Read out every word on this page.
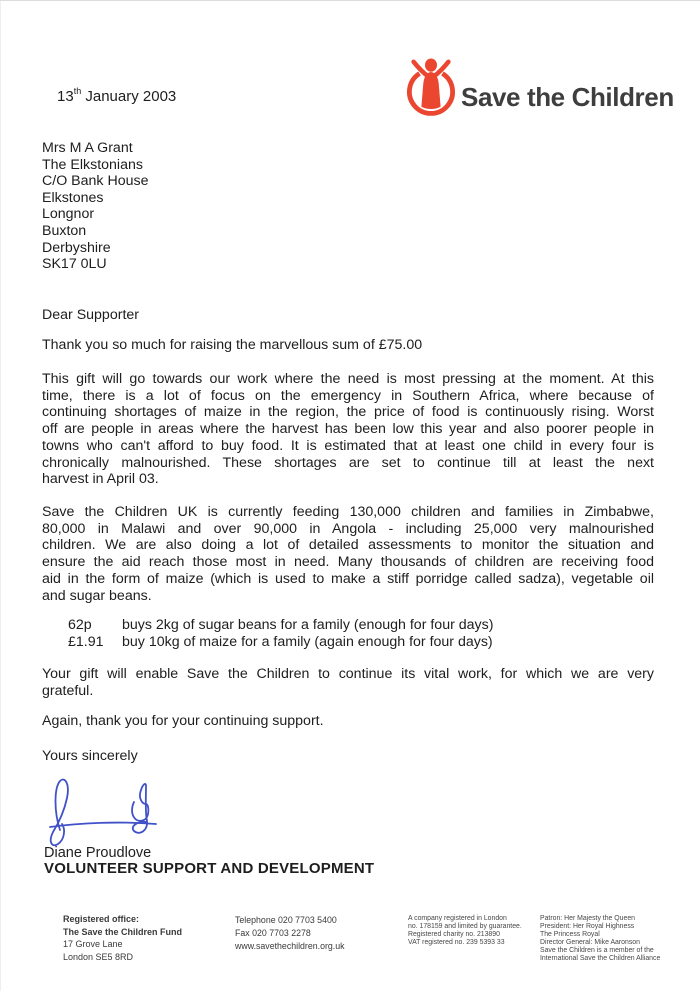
13th January 2003	Save the Children
Mrs M A Grant
The Elkstonians
C/O Bank House
Elkstones
Longnor
Buxton
Derbyshire
SK17 0LU
Dear Supporter
Thank you so much for raising the marvellous sum of £75.00
This gift will go towards our work where the need is most pressing at the moment. At this
time, there is a lot of focus on the emergency in Southern Africa, where because of
continuing shortages of maize in the region, the price of food is continuously rising. Worst
off are people in areas where the harvest has been low this year and also poorer people in
towns who can't afford to buy food. It is estimated that at least one child in every four is
chronically malnourished. These shortages are set to continue till at least the next
harvest in April 03.
Save the Children UK is currently feeding 130,000 children and families in Zimbabwe,
80,000 in Malawi and over 90,000 in Angola - including 25,000 very malnourished
children. We are also doing a lot of detailed assessments to monitor the situation and
ensure the aid reach those most in need. Many thousands of children are receiving food
aid in the form of maize (which is used to make a stiff porridge called sadza), vegetable oil
and sugar beans.
62p	buys 2kg of sugar beans for a family (enough for four days)
£1.91	buy 10kg of maize for a family (again enough for four days)
Your gift will enable Save the Children to continue its vital work, for which we are very
grateful.
Again, thank you for your continuing support.
Yours sincerely
Diane Proudlove
VOLUNTEER SUPPORT AND DEVELOPMENT
Registered office:
The Save the Children Fund
17 Grove Lane
London SE5 8RD
Telephone 020 7703 5400
Fax 020 7703 2278
www.savethechildren.org.uk
A company registered in London
no. 178159 and limited by guarantee.
Registered charity no. 213890
VAT registered no. 239 5393 33
Patron: Her Majesty the Queen
President: Her Royal Highness
The Princess Royal
Director General: Mike Aaronson
Save the Children is a member of the
International Save the Children Alliance
